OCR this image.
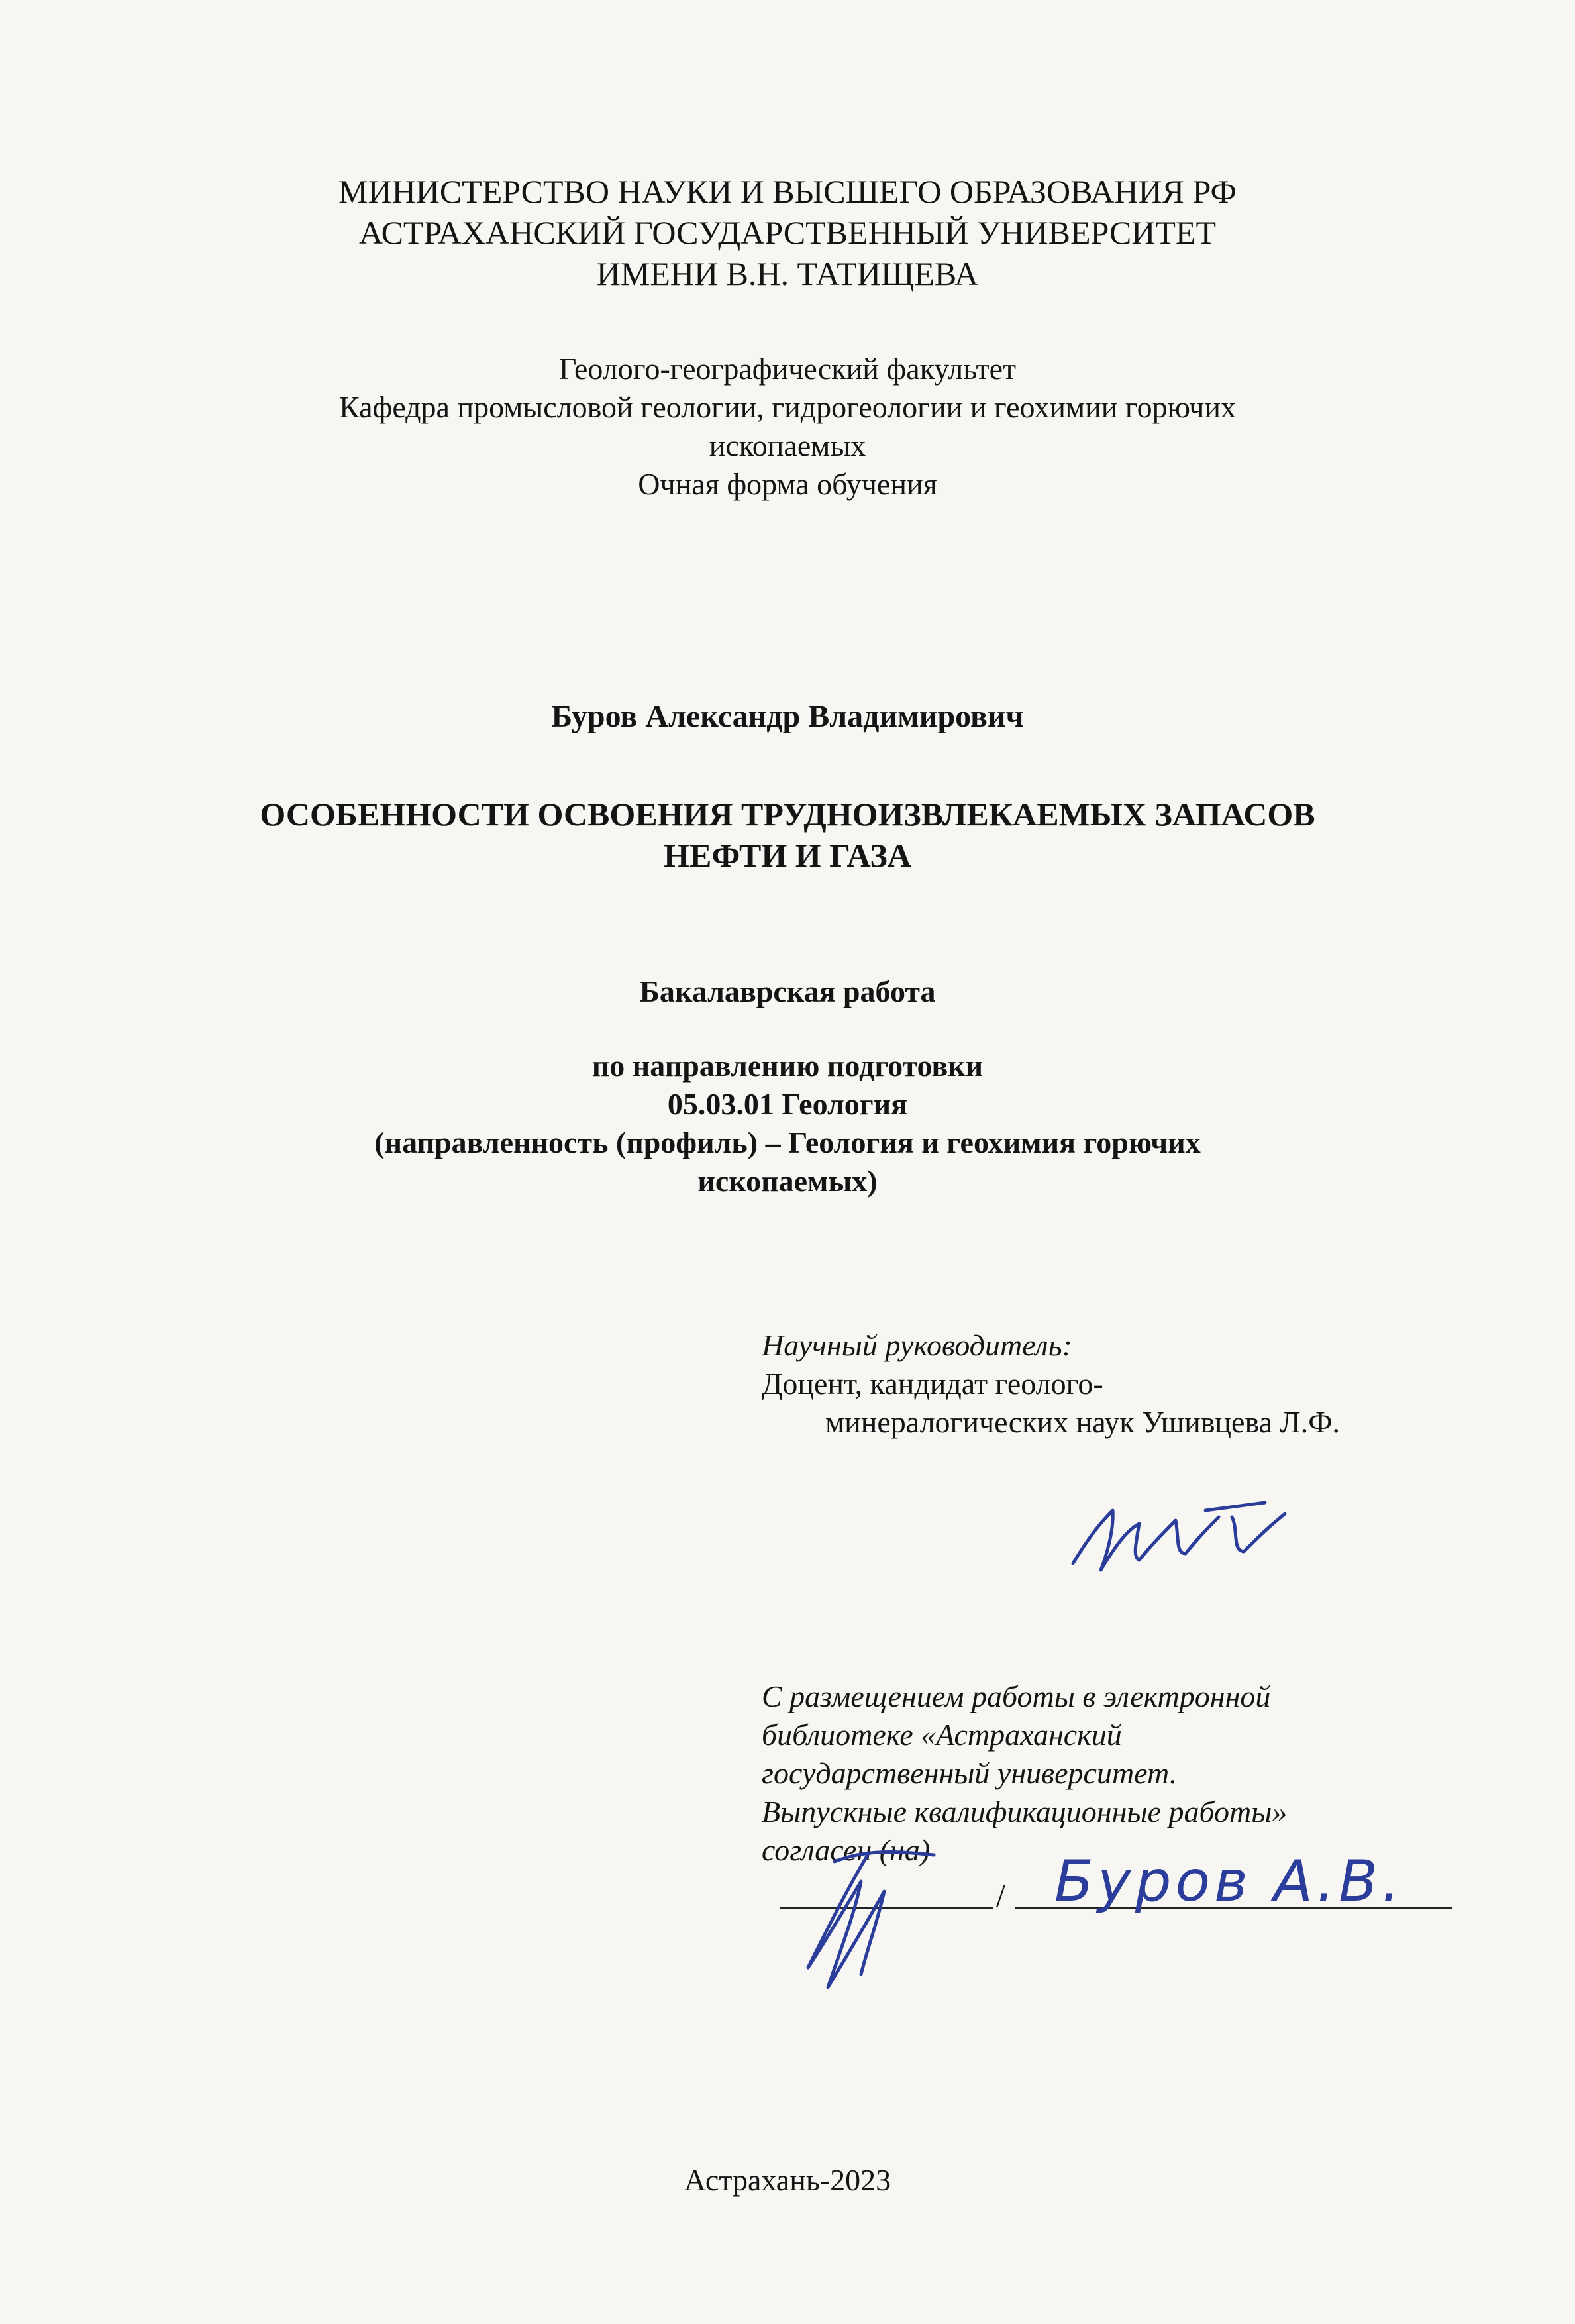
МИНИСТЕРСТВО НАУКИ И ВЫСШЕГО ОБРАЗОВАНИЯ РФ
АСТРАХАНСКИЙ ГОСУДАРСТВЕННЫЙ УНИВЕРСИТЕТ
ИМЕНИ В.Н. ТАТИЩЕВА
Геолого-географический факультет
Кафедра промысловой геологии, гидрогеологии и геохимии горючих
ископаемых
Очная форма обучения
Буров Александр Владимирович
ОСОБЕННОСТИ ОСВОЕНИЯ ТРУДНОИЗВЛЕКАЕМЫХ ЗАПАСОВ
НЕФТИ И ГАЗА
Бакалаврская работа
по направлению подготовки
05.03.01 Геология
(направленность (профиль) – Геология и геохимия горючих
ископаемых)
Научный руководитель:
Доцент, кандидат геолого-
минералогических наук Ушивцева Л.Ф.
С размещением работы в электронной
библиотеке «Астраханский
государственный университет.
Выпускные квалификационные работы»
согласен (на)
/ Буров А.В.
Астрахань-2023
